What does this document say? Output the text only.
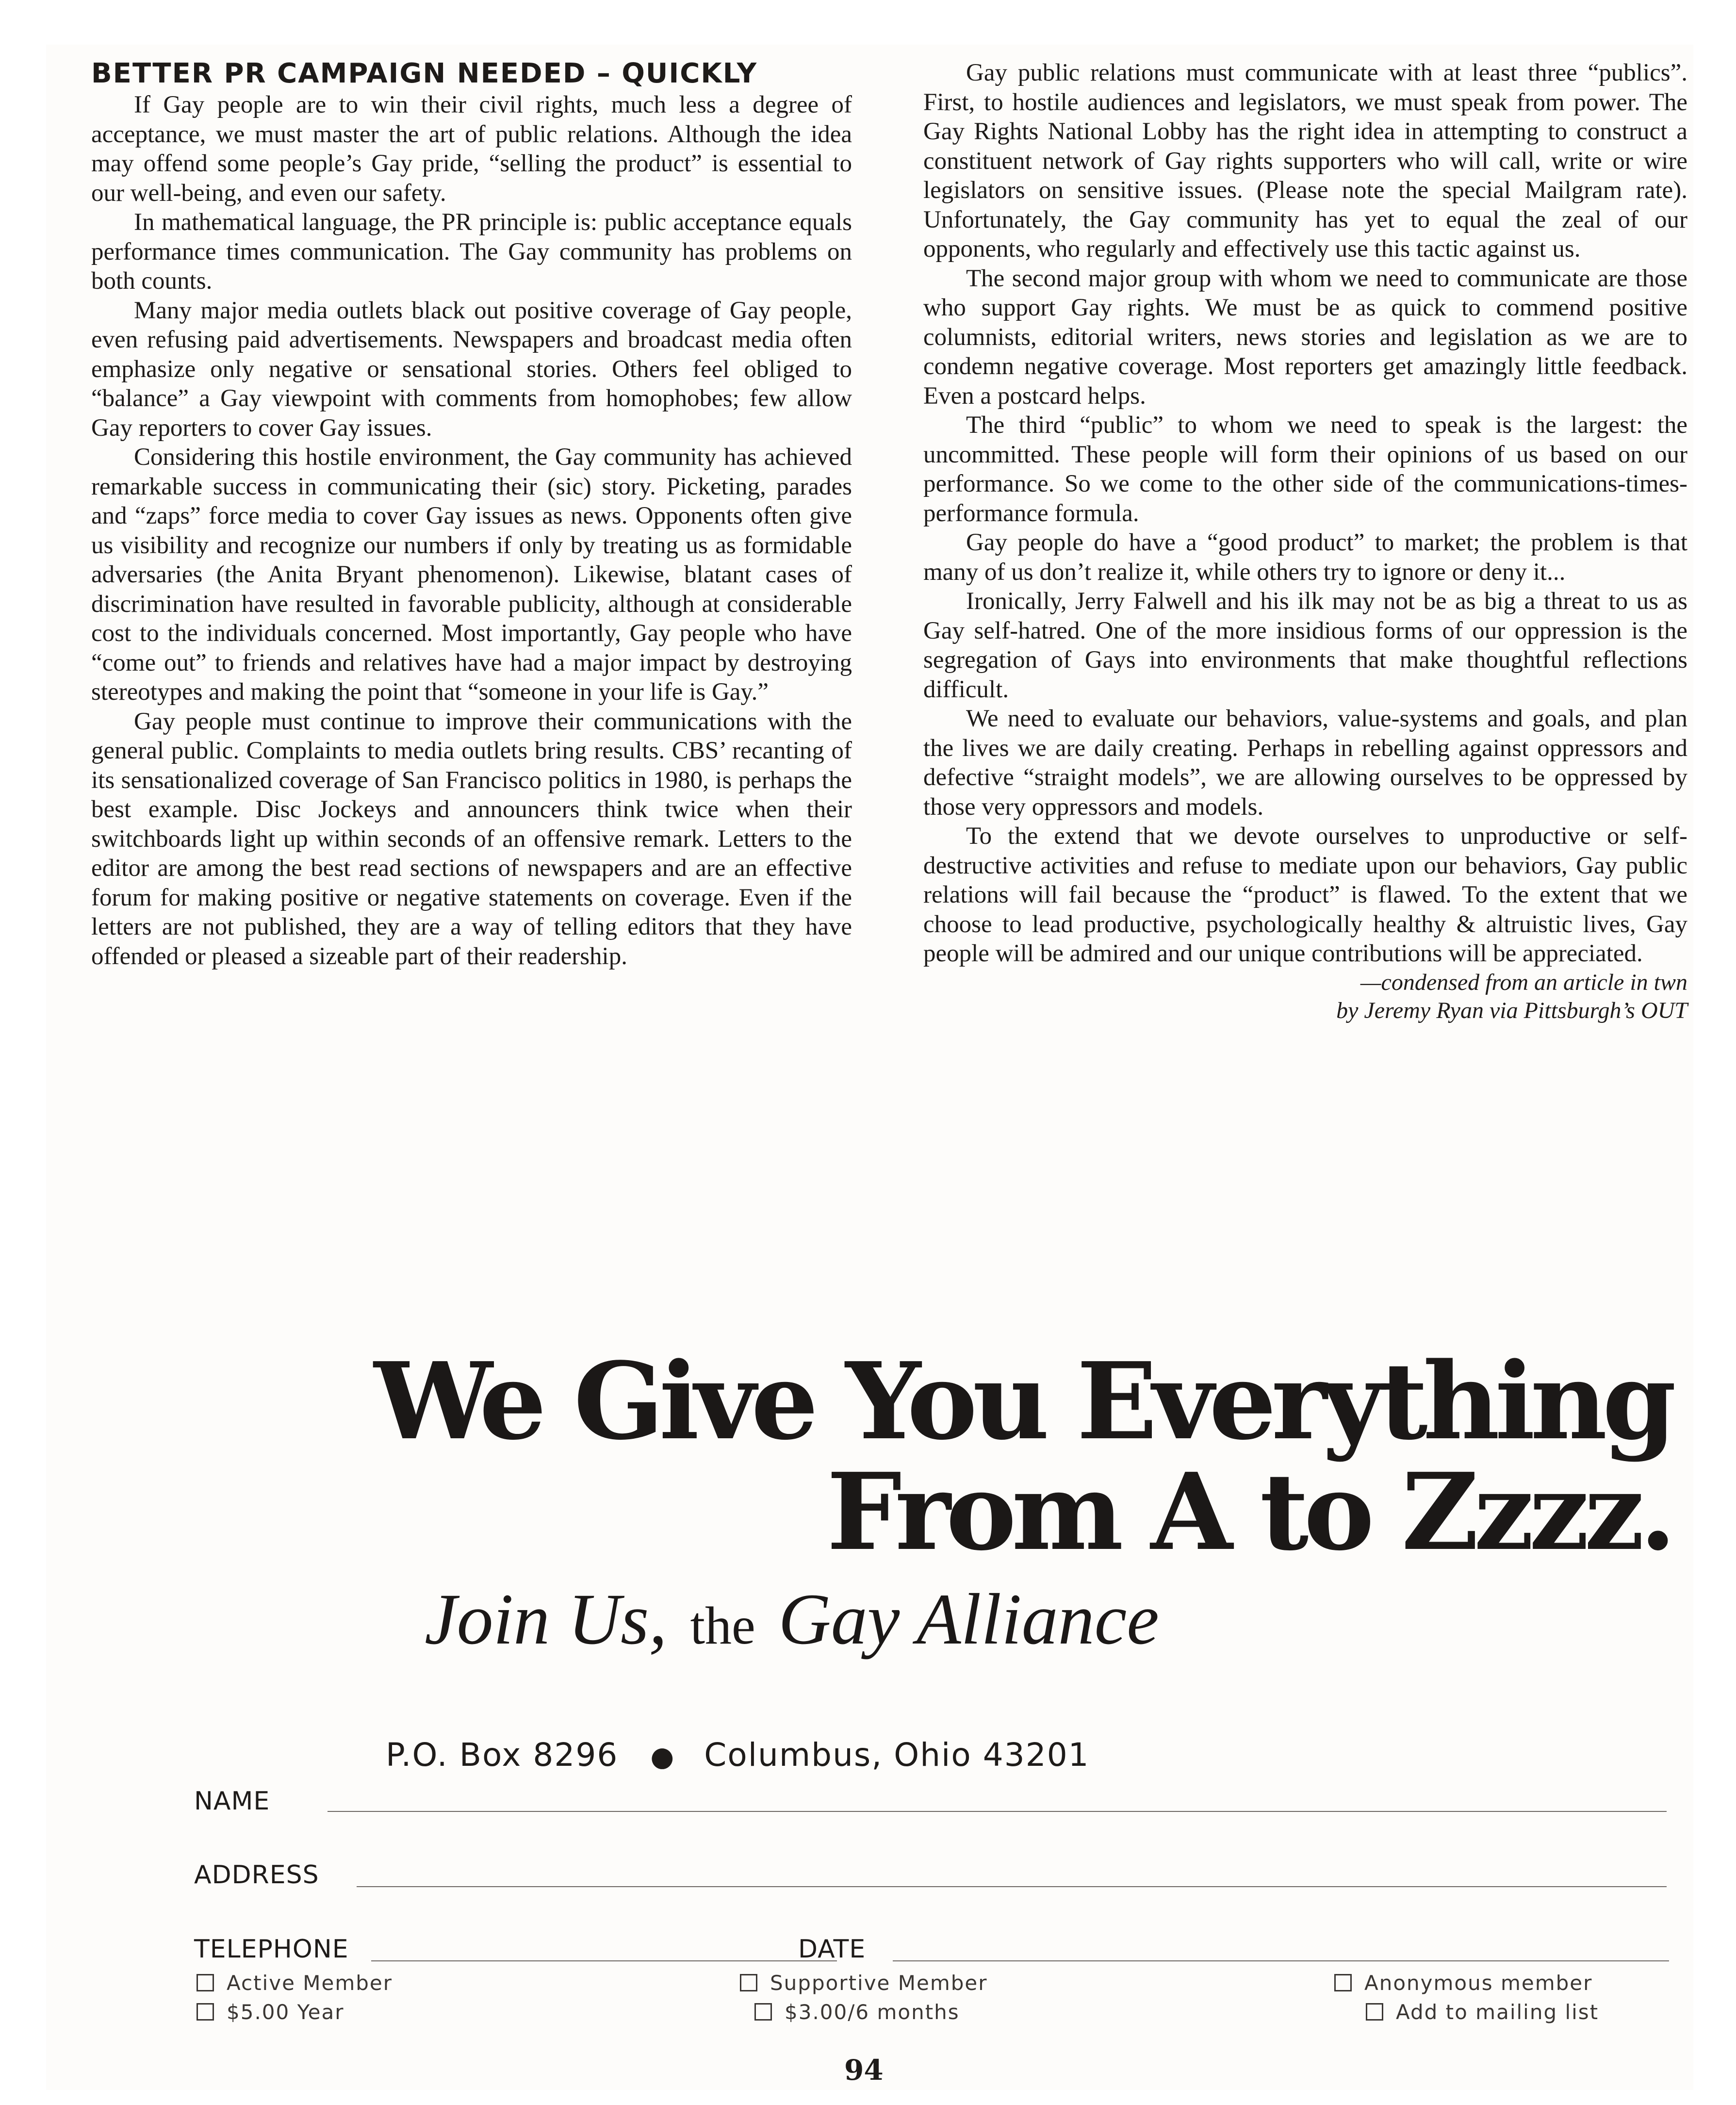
BETTER PR CAMPAIGN NEEDED – QUICKLY

If Gay people are to win their civil rights, much less a degree of acceptance, we must master the art of public relations. Although the idea may offend some people’s Gay pride, “selling the product” is essential to our well-being, and even our safety.

In mathematical language, the PR principle is: public acceptance equals performance times communication. The Gay community has problems on both counts.

Many major media outlets black out positive coverage of Gay people, even refusing paid advertisements. Newspapers and broadcast media often emphasize only negative or sensational stories. Others feel obliged to “balance” a Gay viewpoint with comments from homophobes; few allow Gay reporters to cover Gay issues.

Considering this hostile environment, the Gay community has achieved remarkable success in communicating their (sic) story. Picketing, parades and “zaps” force media to cover Gay issues as news. Opponents often give us visibility and recognize our numbers if only by treating us as formidable adversaries (the Anita Bryant phenomenon). Likewise, blatant cases of discrimination have resulted in favorable publicity, although at considerable cost to the individuals concerned. Most importantly, Gay people who have “come out” to friends and relatives have had a major impact by destroying stereotypes and making the point that “someone in your life is Gay.”

Gay people must continue to improve their communications with the general public. Complaints to media outlets bring results. CBS’ recanting of its sensationalized coverage of San Francisco politics in 1980, is perhaps the best example. Disc Jockeys and announcers think twice when their switchboards light up within seconds of an offensive remark. Letters to the editor are among the best read sections of newspapers and are an effective forum for making positive or negative statements on coverage. Even if the letters are not published, they are a way of telling editors that they have offended or pleased a sizeable part of their readership.

Gay public relations must communicate with at least three “publics”. First, to hostile audiences and legislators, we must speak from power. The Gay Rights National Lobby has the right idea in attempting to construct a constituent network of Gay rights supporters who will call, write or wire legislators on sensitive issues. (Please note the special Mailgram rate). Unfortunately, the Gay community has yet to equal the zeal of our opponents, who regularly and effectively use this tactic against us.

The second major group with whom we need to communicate are those who support Gay rights. We must be as quick to commend positive columnists, editorial writers, news stories and legislation as we are to condemn negative coverage. Most reporters get amazingly little feedback. Even a postcard helps.

The third “public” to whom we need to speak is the largest: the uncommitted. These people will form their opinions of us based on our performance. So we come to the other side of the communications-times-performance formula.

Gay people do have a “good product” to market; the problem is that many of us don’t realize it, while others try to ignore or deny it...

Ironically, Jerry Falwell and his ilk may not be as big a threat to us as Gay self-hatred. One of the more insidious forms of our oppression is the segregation of Gays into environments that make thoughtful reflections difficult.

We need to evaluate our behaviors, value-systems and goals, and plan the lives we are daily creating. Perhaps in rebelling against oppressors and defective “straight models”, we are allowing ourselves to be oppressed by those very oppressors and models.

To the extend that we devote ourselves to unproductive or self-destructive activities and refuse to mediate upon our behaviors, Gay public relations will fail because the “product” is flawed. To the extent that we choose to lead productive, psychologically healthy & altruistic lives, Gay people will be admired and our unique contributions will be appreciated.

—condensed from an article in twn
by Jeremy Ryan via Pittsburgh’s OUT
We Give You Everything
From A to Zzzz.
Join Us, the Gay Alliance
P.O. Box 8296 ● Columbus, Ohio 43201
NAME
ADDRESS
TELEPHONE	DATE
Active Member
$5.00 Year
Supportive Member
$3.00/6 months
Anonymous member
Add to mailing list
94
